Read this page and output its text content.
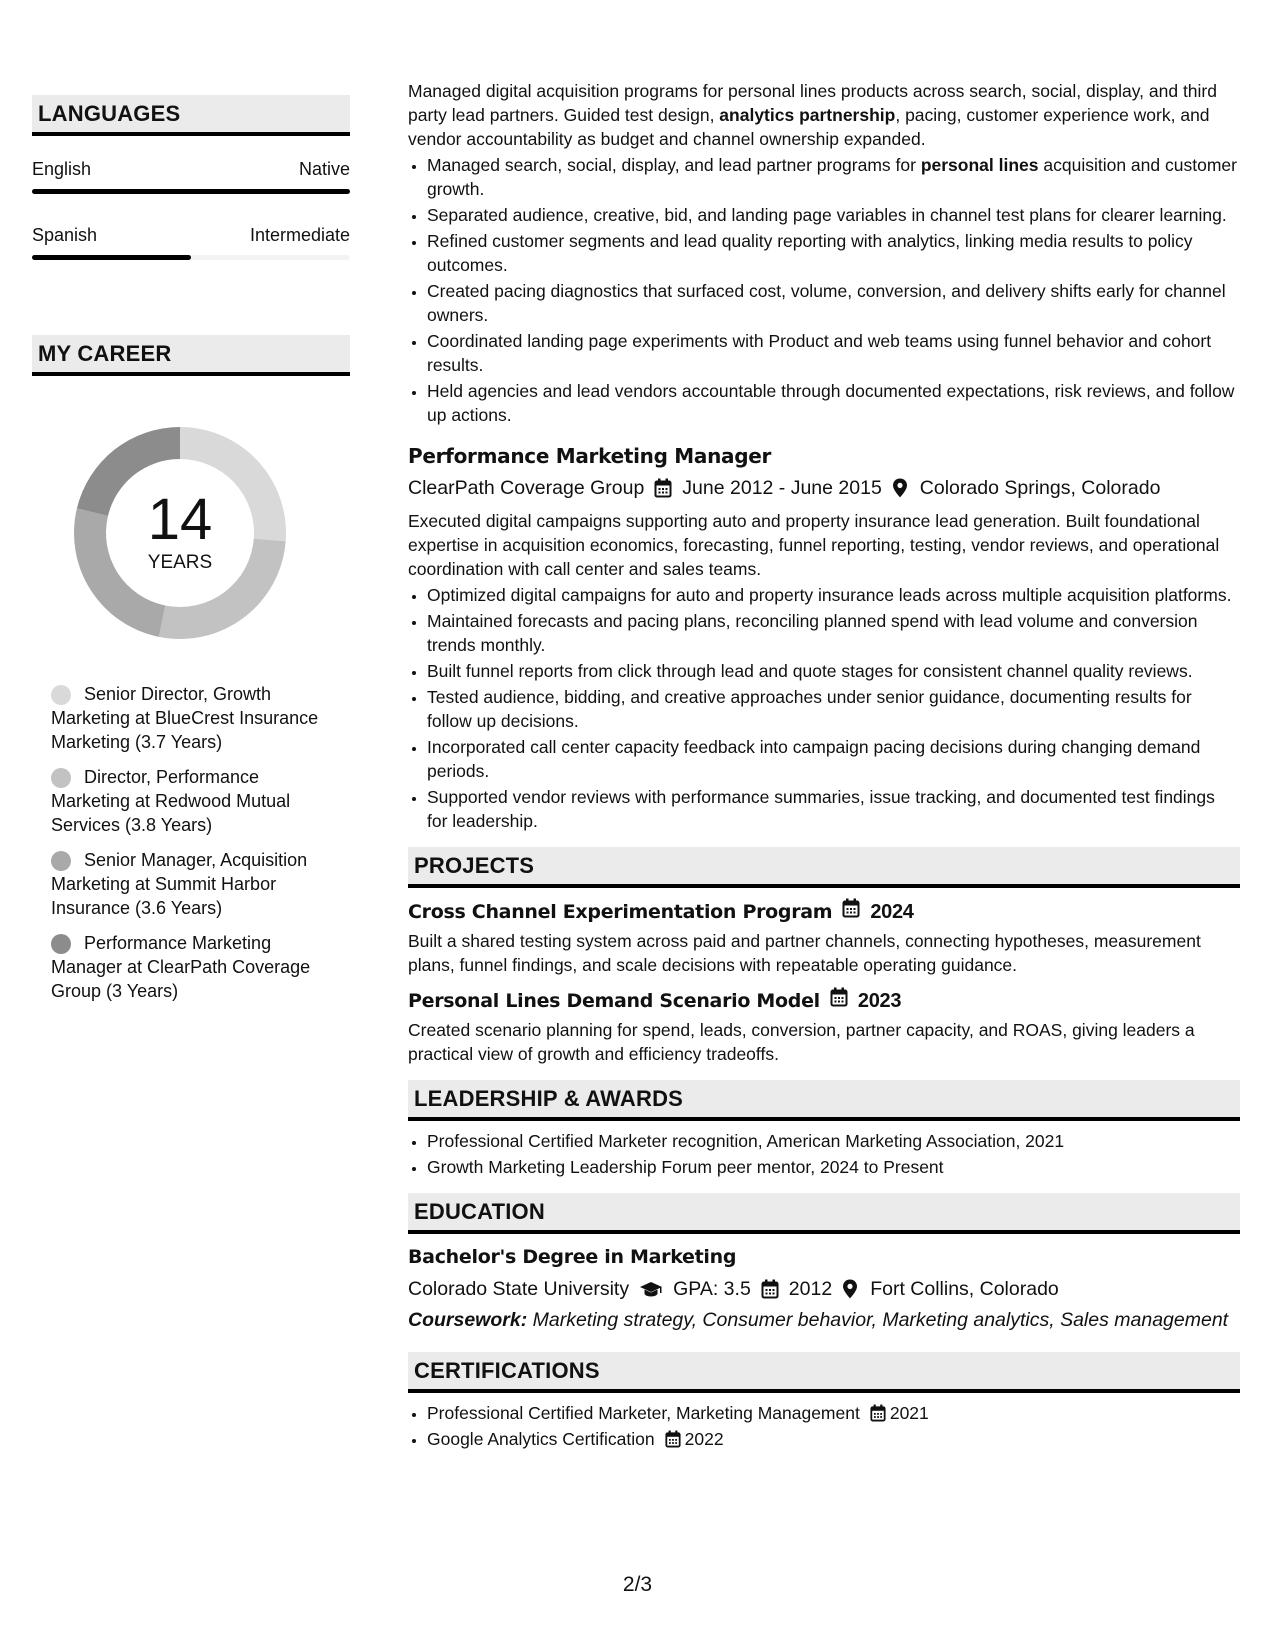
LANGUAGES
English	Native
Spanish	Intermediate
MY CAREER
14
YEARS
Senior Director, Growth Marketing at BlueCrest Insurance Marketing (3.7 Years)
Director, Performance Marketing at Redwood Mutual Services (3.8 Years)
Senior Manager, Acquisition Marketing at Summit Harbor Insurance (3.6 Years)
Performance Marketing Manager at ClearPath Coverage Group (3 Years)

Managed digital acquisition programs for personal lines products across search, social, display, and third party lead partners. Guided test design, analytics partnership, pacing, customer experience work, and vendor accountability as budget and channel ownership expanded.

• Managed search, social, display, and lead partner programs for personal lines acquisition and customer growth.
• Separated audience, creative, bid, and landing page variables in channel test plans for clearer learning.
• Refined customer segments and lead quality reporting with analytics, linking media results to policy outcomes.
• Created pacing diagnostics that surfaced cost, volume, conversion, and delivery shifts early for channel owners.
• Coordinated landing page experiments with Product and web teams using funnel behavior and cohort results.
• Held agencies and lead vendors accountable through documented expectations, risk reviews, and follow up actions.
Performance Marketing Manager
ClearPath Coverage Group June 2012 - June 2015 Colorado Springs, Colorado

Executed digital campaigns supporting auto and property insurance lead generation. Built foundational expertise in acquisition economics, forecasting, funnel reporting, testing, vendor reviews, and operational coordination with call center and sales teams.

• Optimized digital campaigns for auto and property insurance leads across multiple acquisition platforms.
• Maintained forecasts and pacing plans, reconciling planned spend with lead volume and conversion trends monthly.
• Built funnel reports from click through lead and quote stages for consistent channel quality reviews.
• Tested audience, bidding, and creative approaches under senior guidance, documenting results for follow up decisions.
• Incorporated call center capacity feedback into campaign pacing decisions during changing demand periods.
• Supported vendor reviews with performance summaries, issue tracking, and documented test findings for leadership.
PROJECTS
Cross Channel Experimentation Program 2024

Built a shared testing system across paid and partner channels, connecting hypotheses, measurement plans, funnel findings, and scale decisions with repeatable operating guidance.

Personal Lines Demand Scenario Model 2023

Created scenario planning for spend, leads, conversion, partner capacity, and ROAS, giving leaders a practical view of growth and efficiency tradeoffs.

LEADERSHIP & AWARDS
• Professional Certified Marketer recognition, American Marketing Association, 2021
• Growth Marketing Leadership Forum peer mentor, 2024 to Present
EDUCATION
Bachelor's Degree in Marketing
Colorado State University GPA: 3.5 2012 Fort Collins, Colorado
Coursework: Marketing strategy, Consumer behavior, Marketing analytics, Sales management
CERTIFICATIONS
• Professional Certified Marketer, Marketing Management 2021
• Google Analytics Certification 2022
2/3
